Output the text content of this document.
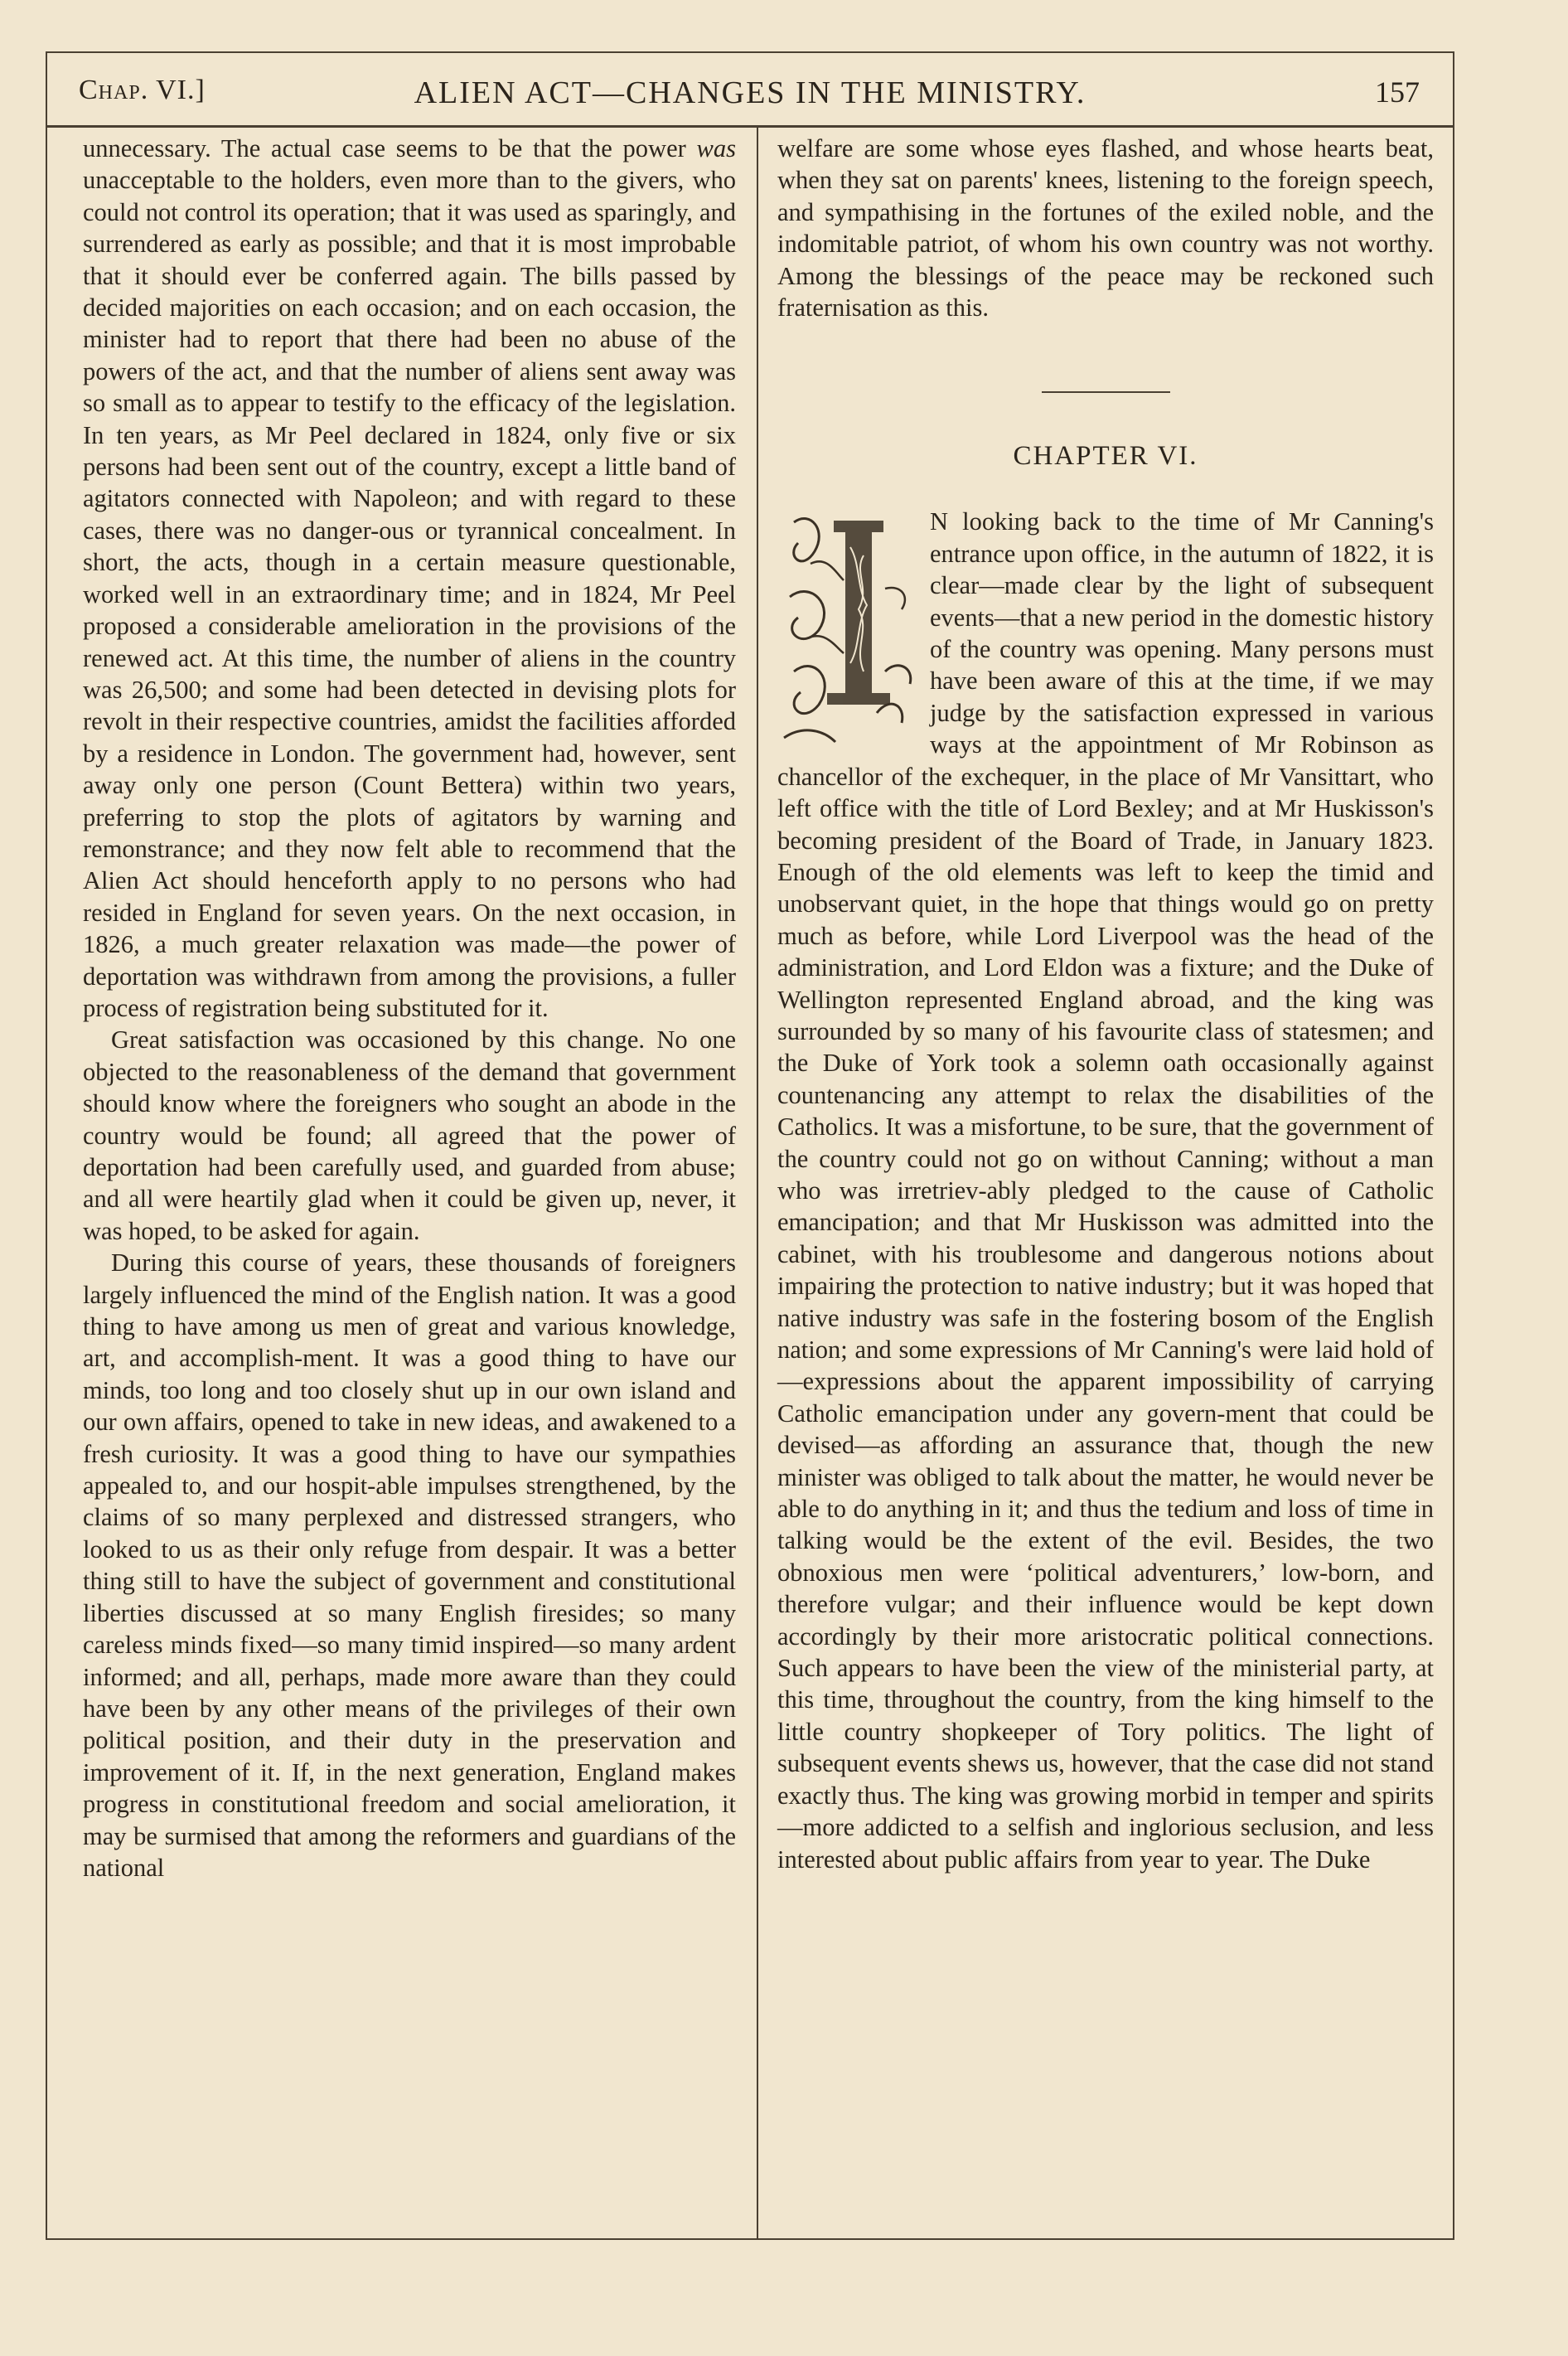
Chap. VI.]	ALIEN ACT—CHANGES IN THE MINISTRY.	157

unnecessary. The actual case seems to be that the power was unacceptable to the holders, even more than to the givers, who could not control its operation; that it was used as sparingly, and surrendered as early as possible; and that it is most improbable that it should ever be conferred again. The bills passed by decided majorities on each occasion; and on each occasion, the minister had to report that there had been no abuse of the powers of the act, and that the number of aliens sent away was so small as to appear to testify to the efficacy of the legislation. In ten years, as Mr Peel declared in 1824, only five or six persons had been sent out of the country, except a little band of agitators connected with Napoleon; and with regard to these cases, there was no danger-ous or tyrannical concealment. In short, the acts, though in a certain measure questionable, worked well in an extraordinary time; and in 1824, Mr Peel proposed a considerable amelioration in the provisions of the renewed act. At this time, the number of aliens in the country was 26,500; and some had been detected in devising plots for revolt in their respective countries, amidst the facilities afforded by a residence in London. The government had, however, sent away only one person (Count Bettera) within two years, preferring to stop the plots of agitators by warning and remonstrance; and they now felt able to recommend that the Alien Act should henceforth apply to no persons who had resided in England for seven years. On the next occasion, in 1826, a much greater relaxation was made—the power of deportation was withdrawn from among the provisions, a fuller process of registration being substituted for it.

Great satisfaction was occasioned by this change. No one objected to the reasonableness of the demand that government should know where the foreigners who sought an abode in the country would be found; all agreed that the power of deportation had been carefully used, and guarded from abuse; and all were heartily glad when it could be given up, never, it was hoped, to be asked for again.

During this course of years, these thousands of foreigners largely influenced the mind of the English nation. It was a good thing to have among us men of great and various knowledge, art, and accomplish-ment. It was a good thing to have our minds, too long and too closely shut up in our own island and our own affairs, opened to take in new ideas, and awakened to a fresh curiosity. It was a good thing to have our sympathies appealed to, and our hospit-able impulses strengthened, by the claims of so many perplexed and distressed strangers, who looked to us as their only refuge from despair. It was a better thing still to have the subject of government and constitutional liberties discussed at so many English firesides; so many careless minds fixed—so many timid inspired—so many ardent informed; and all, perhaps, made more aware than they could have been by any other means of the privileges of their own political position, and their duty in the preservation and improvement of it. If, in the next generation, England makes progress in constitutional freedom and social amelioration, it may be surmised that among the reformers and guardians of the national

welfare are some whose eyes flashed, and whose hearts beat, when they sat on parents' knees, listening to the foreign speech, and sympathising in the fortunes of the exiled noble, and the indomitable patriot, of whom his own country was not worthy. Among the blessings of the peace may be reckoned such fraternisation as this.

CHAPTER VI.

N looking back to the time of Mr Canning's entrance upon office, in the autumn of 1822, it is clear—made clear by the light of subsequent events—that a new period in the domestic history of the country was opening. Many persons must have been aware of this at the time, if we may judge by the satisfaction expressed in various ways at the appointment of Mr Robinson as chancellor of the exchequer, in the place of Mr Vansittart, who left office with the title of Lord Bexley; and at Mr Huskisson's becoming president of the Board of Trade, in January 1823. Enough of the old elements was left to keep the timid and unobservant quiet, in the hope that things would go on pretty much as before, while Lord Liverpool was the head of the administration, and Lord Eldon was a fixture; and the Duke of Wellington represented England abroad, and the king was surrounded by so many of his favourite class of statesmen; and the Duke of York took a solemn oath occasionally against countenancing any attempt to relax the disabilities of the Catholics. It was a misfortune, to be sure, that the government of the country could not go on without Canning; without a man who was irretriev-ably pledged to the cause of Catholic emancipation; and that Mr Huskisson was admitted into the cabinet, with his troublesome and dangerous notions about impairing the protection to native industry; but it was hoped that native industry was safe in the fostering bosom of the English nation; and some expressions of Mr Canning's were laid hold of—expressions about the apparent impossibility of carrying Catholic emancipation under any govern-ment that could be devised—as affording an assurance that, though the new minister was obliged to talk about the matter, he would never be able to do anything in it; and thus the tedium and loss of time in talking would be the extent of the evil. Besides, the two obnoxious men were ‘political adventurers,’ low-born, and therefore vulgar; and their influence would be kept down accordingly by their more aristocratic political connections. Such appears to have been the view of the ministerial party, at this time, throughout the country, from the king himself to the little country shopkeeper of Tory politics. The light of subsequent events shews us, however, that the case did not stand exactly thus. The king was growing morbid in temper and spirits—more addicted to a selfish and inglorious seclusion, and less interested about public affairs from year to year. The Duke
